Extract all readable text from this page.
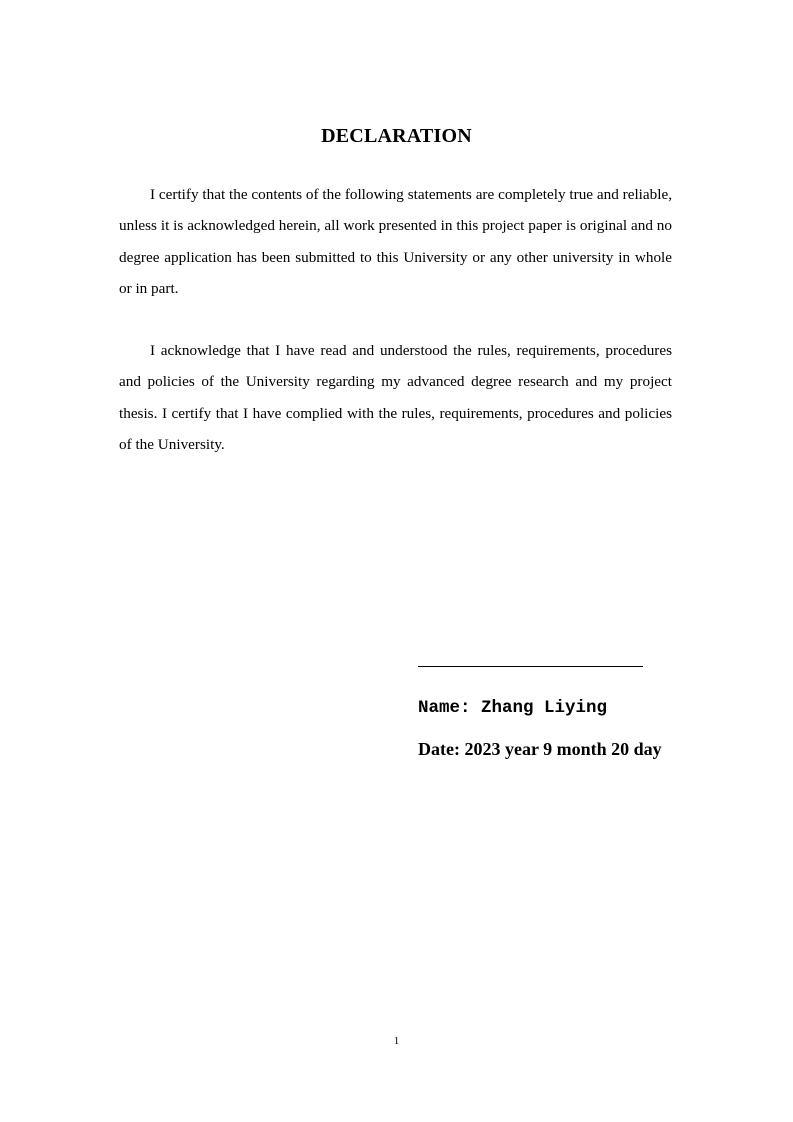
DECLARATION

I certify that the contents of the following statements are completely true and reliable, unless it is acknowledged herein, all work presented in this project paper is original and no degree application has been submitted to this University or any other university in whole or in part.

I acknowledge that I have read and understood the rules, requirements, procedures and policies of the University regarding my advanced degree research and my project thesis. I certify that I have complied with the rules, requirements, procedures and policies of the University.

Name: Zhang Liying

Date: 2023 year 9 month 20 day

1
